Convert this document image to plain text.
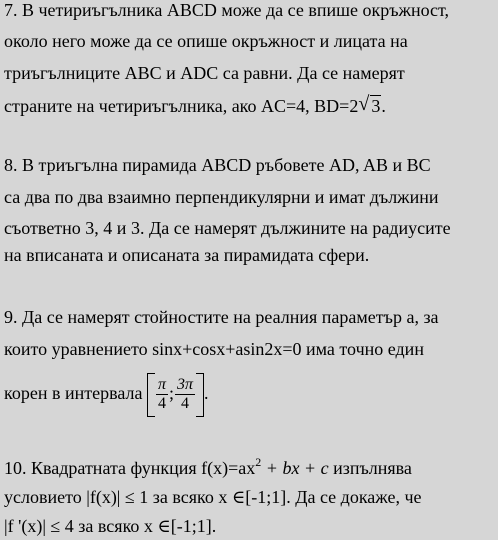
7. В четириъгълника ABCD може да се впише окръжност,
около него може да се опише окръжност и лицата на
триъгълниците ABC и ADC са равни. Да се намерят
страните на четириъгълника, ако AC=4, BD=2 √ 3.
8. В триъгълна пирамида ABCD ръбовете AD, AB и BC
са два по два взаимно перпендикулярни и имат дължини
съответно 3, 4 и 3. Да се намерят дължините на радиусите
на вписаната и описаната за пирамидата сфери.
9. Да се намерят стойностите на реалния параметър a, за
които уравнението sinx+cosx+asin2x=0 има точно един
корен в интервала $\frac{\pi}{4}$ ; $\frac{3\pi}{4}$ .
10. Квадратната функция $f(x)=ax^2$ + bx + c изпълнява
условието |f(x)| ≤ 1 за всяко x ∈[-1;1]. Да се докаже, че
|f '(x)| ≤ 4 за всяко x ∈[-1;1].
